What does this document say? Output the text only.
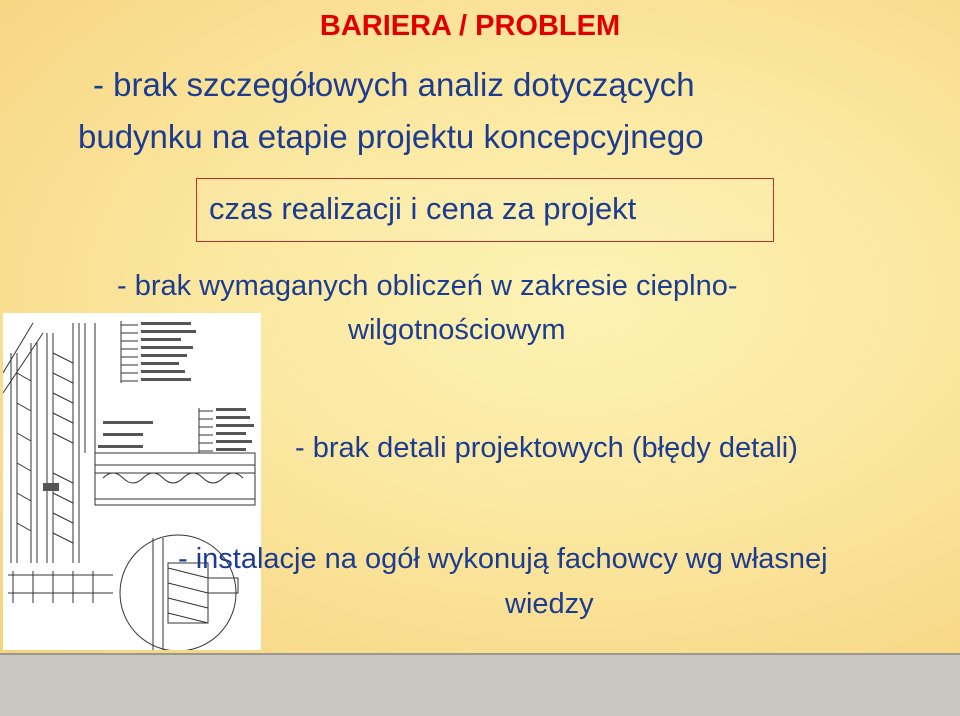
BARIERA / PROBLEM
- brak szczegółowych analiz dotyczących
budynku na etapie projektu koncepcyjnego
czas realizacji i cena za projekt
- brak wymaganych obliczeń w zakresie cieplno-
wilgotnościowym
- brak detali projektowych (błędy detali)
- instalacje na ogół wykonują fachowcy wg własnej
wiedzy
